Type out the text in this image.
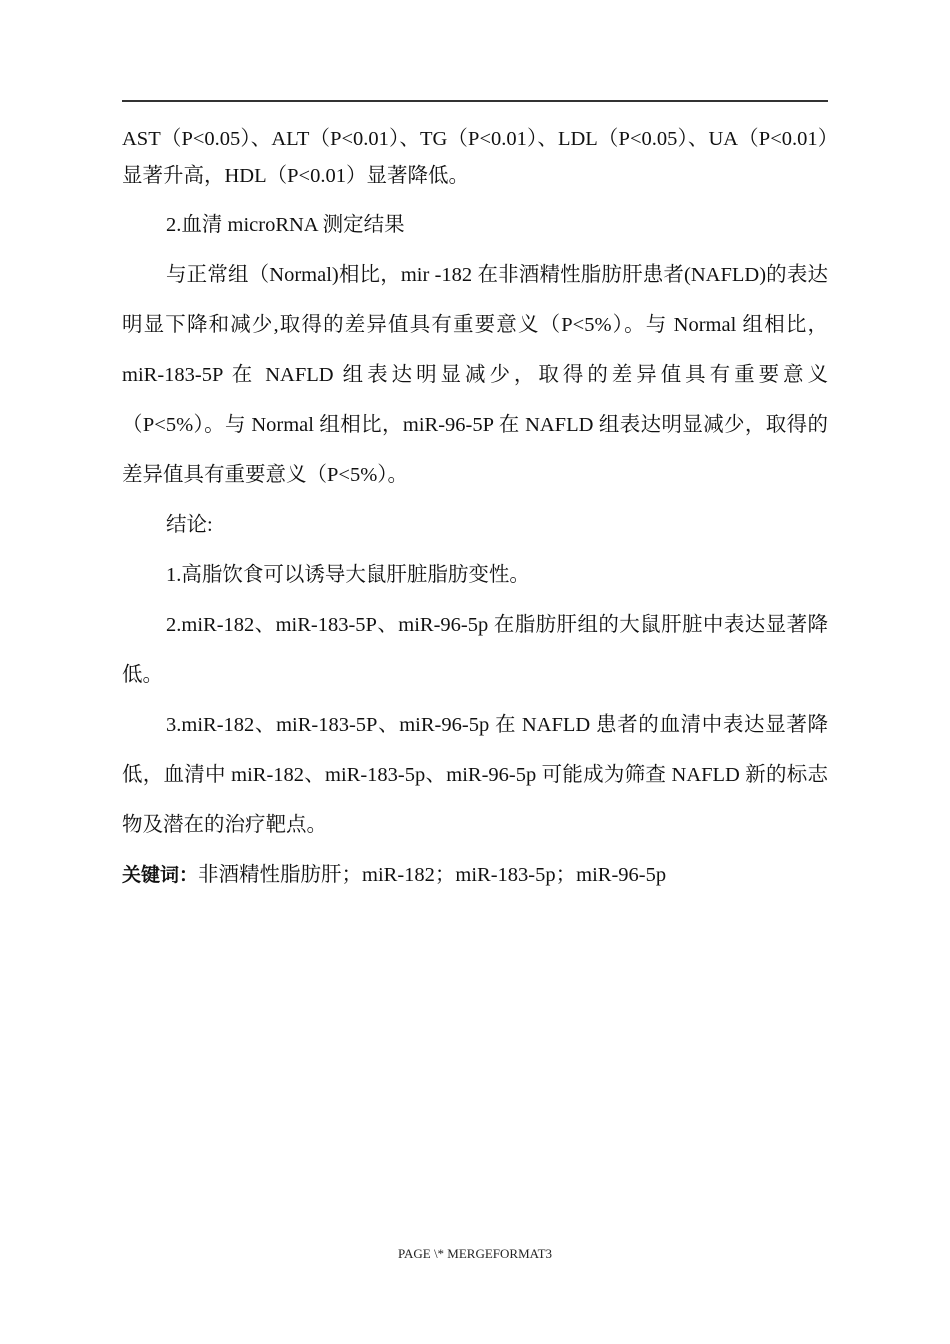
AST（P<0.05）、ALT（P<0.01）、TG（P<0.01）、LDL（P<0.05）、UA（P<0.01）显著升高，HDL（P<0.01）显著降低。

2.血清 microRNA 测定结果

与正常组（Normal)相比，mir -182 在非酒精性脂肪肝患者(NAFLD)的表达明显下降和减少,取得的差异值具有重要意义（P<5%）。与 Normal 组相比，miR-183-5P 在 NAFLD 组表达明显减少，取得的差异值具有重要意义（P<5%）。与 Normal 组相比，miR-96-5P 在 NAFLD 组表达明显减少，取得的差异值具有重要意义（P<5%）。

结论:

1.高脂饮食可以诱导大鼠肝脏脂肪变性。

2.miR-182、miR-183-5P、miR-96-5p 在脂肪肝组的大鼠肝脏中表达显著降低。

3.miR-182、miR-183-5P、miR-96-5p 在 NAFLD 患者的血清中表达显著降低，血清中 miR-182、miR-183-5p、miR-96-5p 可能成为筛查 NAFLD 新的标志物及潜在的治疗靶点。

关键词：非酒精性脂肪肝；miR-182；miR-183-5p；miR-96-5p

PAGE \* MERGEFORMAT3
